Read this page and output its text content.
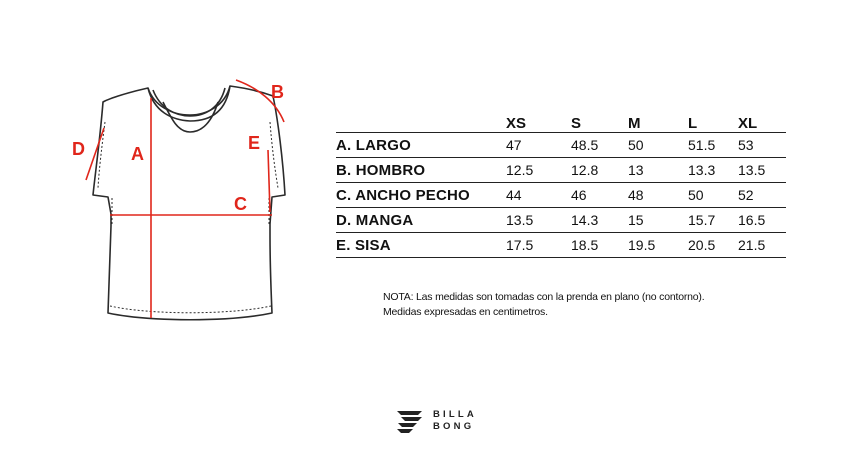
A
B
C
D	E
	XS	S	M	L	XL
A. LARGO	47	48.5	50	51.5	53
B. HOMBRO	12.5	12.8	13	13.3	13.5
C. ANCHO PECHO	44	46	48	50	52
D. MANGA	13.5	14.3	15	15.7	16.5
E. SISA	17.5	18.5	19.5	20.5	21.5
NOTA: Las medidas son tomadas con la prenda en plano (no contorno).
Medidas expresadas en centimetros.
BILLA
BONG
